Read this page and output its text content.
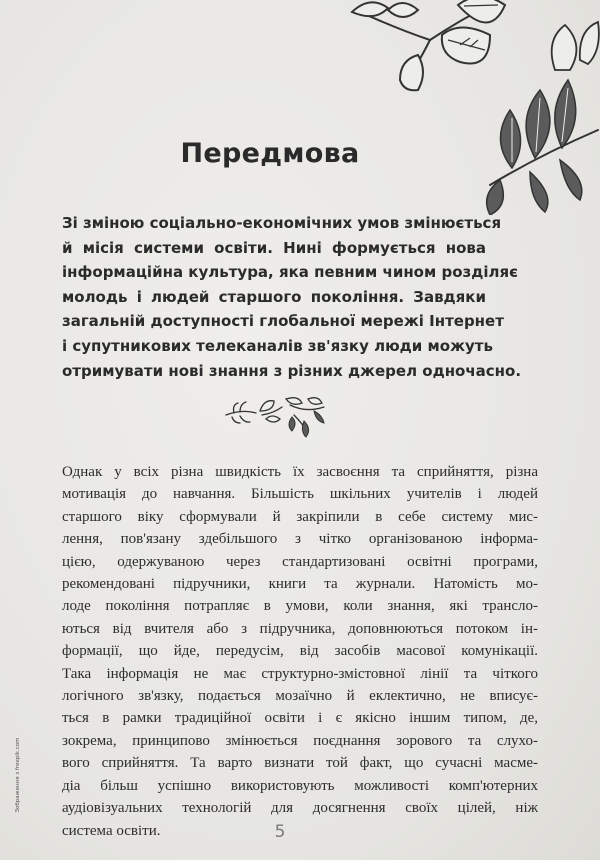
Передмова
Зі зміною соціально-економічних умов змінюється
й місія системи освіти. Нині формується нова
інформаційна культура, яка певним чином розділяє
молодь і людей старшого покоління. Завдяки
загальній доступності глобальної мережі Інтернет
і супутникових телеканалів зв'язку люди можуть
отримувати нові знання з різних джерел одночасно.
Однак у всіх різна швидкість їх засвоєння та сприйняття, різна
мотивація до навчання. Більшість шкільних учителів і людей
старшого віку сформували й закріпили в себе систему мис-
лення, пов'язану здебільшого з чітко організованою інформа-
цією, одержуваною через стандартизовані освітні програми,
рекомендовані підручники, книги та журнали. Натомість мо-
лоде покоління потрапляє в умови, коли знання, які трансло-
ються від вчителя або з підручника, доповнюються потоком ін-
формації, що йде, передусім, від засобів масової комунікації.
Така інформація не має структурно-змістовної лінії та чіткого
логічного зв'язку, подається мозаїчно й еклектично, не вписує-
ться в рамки традиційної освіти і є якісно іншим типом, де,
зокрема, принципово змінюється поєднання зорового та слухо-
вого сприйняття. Та варто визнати той факт, що сучасні масме-
діа більш успішно використовують можливості комп'ютерних
аудіовізуальних технологій для досягнення своїх цілей, ніж
система освіти.
Зображення з freepik.com
5
